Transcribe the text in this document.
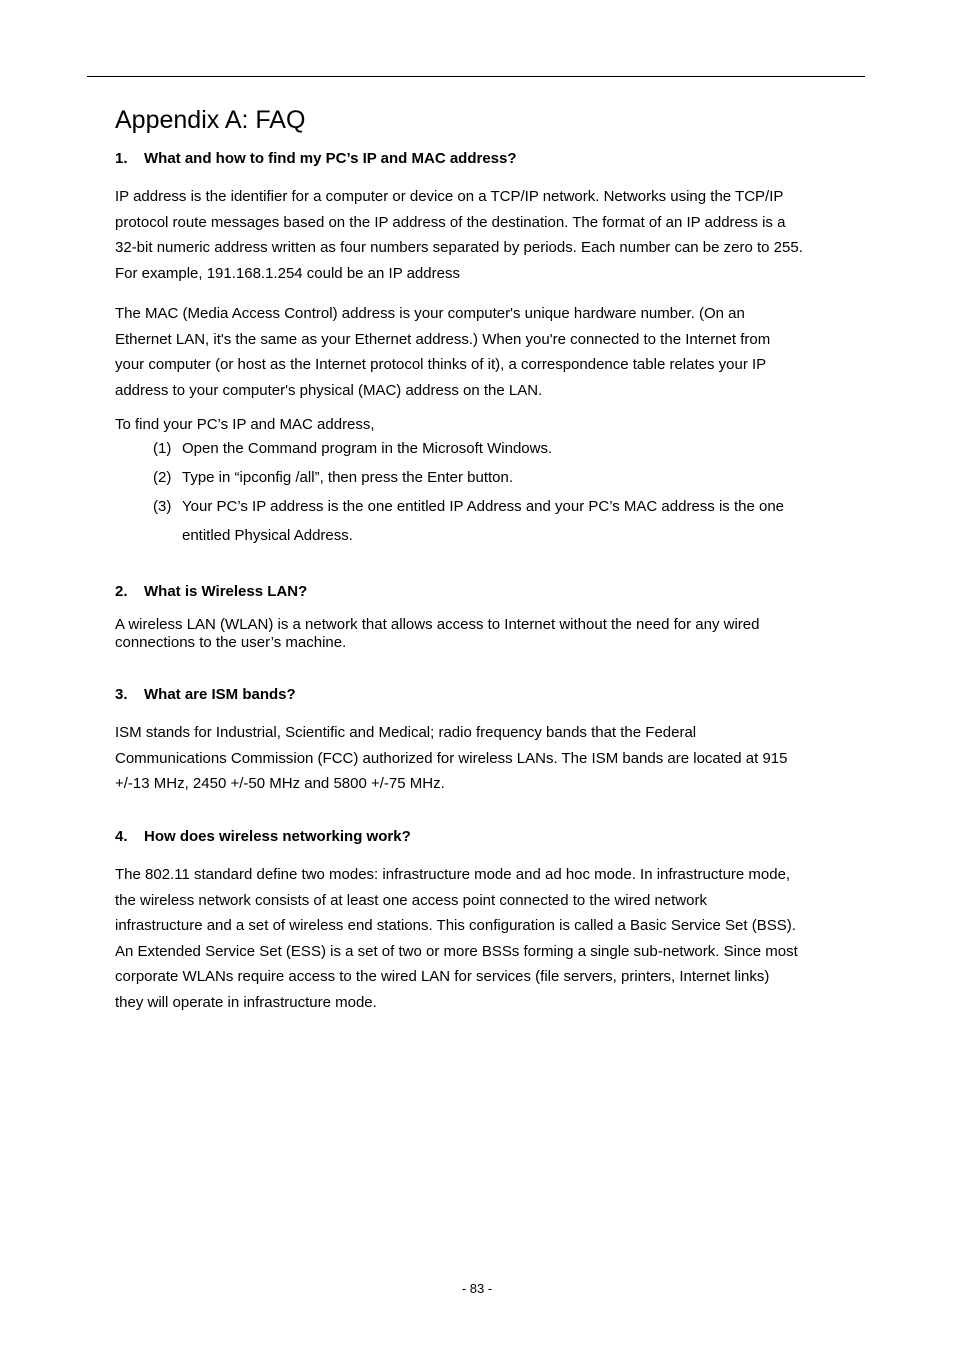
Appendix A: FAQ
1. What and how to find my PC’s IP and MAC address?
IP address is the identifier for a computer or device on a TCP/IP network. Networks using the TCP/IP
protocol route messages based on the IP address of the destination. The format of an IP address is a
32-bit numeric address written as four numbers separated by periods. Each number can be zero to 255.
For example, 191.168.1.254 could be an IP address
The MAC (Media Access Control) address is your computer's unique hardware number. (On an
Ethernet LAN, it's the same as your Ethernet address.) When you're connected to the Internet from
your computer (or host as the Internet protocol thinks of it), a correspondence table relates your IP
address to your computer's physical (MAC) address on the LAN.
To find your PC’s IP and MAC address,
(1) Open the Command program in the Microsoft Windows.
(2) Type in “ipconfig /all”, then press the Enter button.
(3) Your PC’s IP address is the one entitled IP Address and your PC’s MAC address is the one
entitled Physical Address.
2. What is Wireless LAN?
A wireless LAN (WLAN) is a network that allows access to Internet without the need for any wired
connections to the user’s machine.
3. What are ISM bands?
ISM stands for Industrial, Scientific and Medical; radio frequency bands that the Federal
Communications Commission (FCC) authorized for wireless LANs. The ISM bands are located at 915
+/-13 MHz, 2450 +/-50 MHz and 5800 +/-75 MHz.
4. How does wireless networking work?
The 802.11 standard define two modes: infrastructure mode and ad hoc mode. In infrastructure mode,
the wireless network consists of at least one access point connected to the wired network
infrastructure and a set of wireless end stations. This configuration is called a Basic Service Set (BSS).
An Extended Service Set (ESS) is a set of two or more BSSs forming a single sub-network. Since most
corporate WLANs require access to the wired LAN for services (file servers, printers, Internet links)
they will operate in infrastructure mode.
- 83 -
